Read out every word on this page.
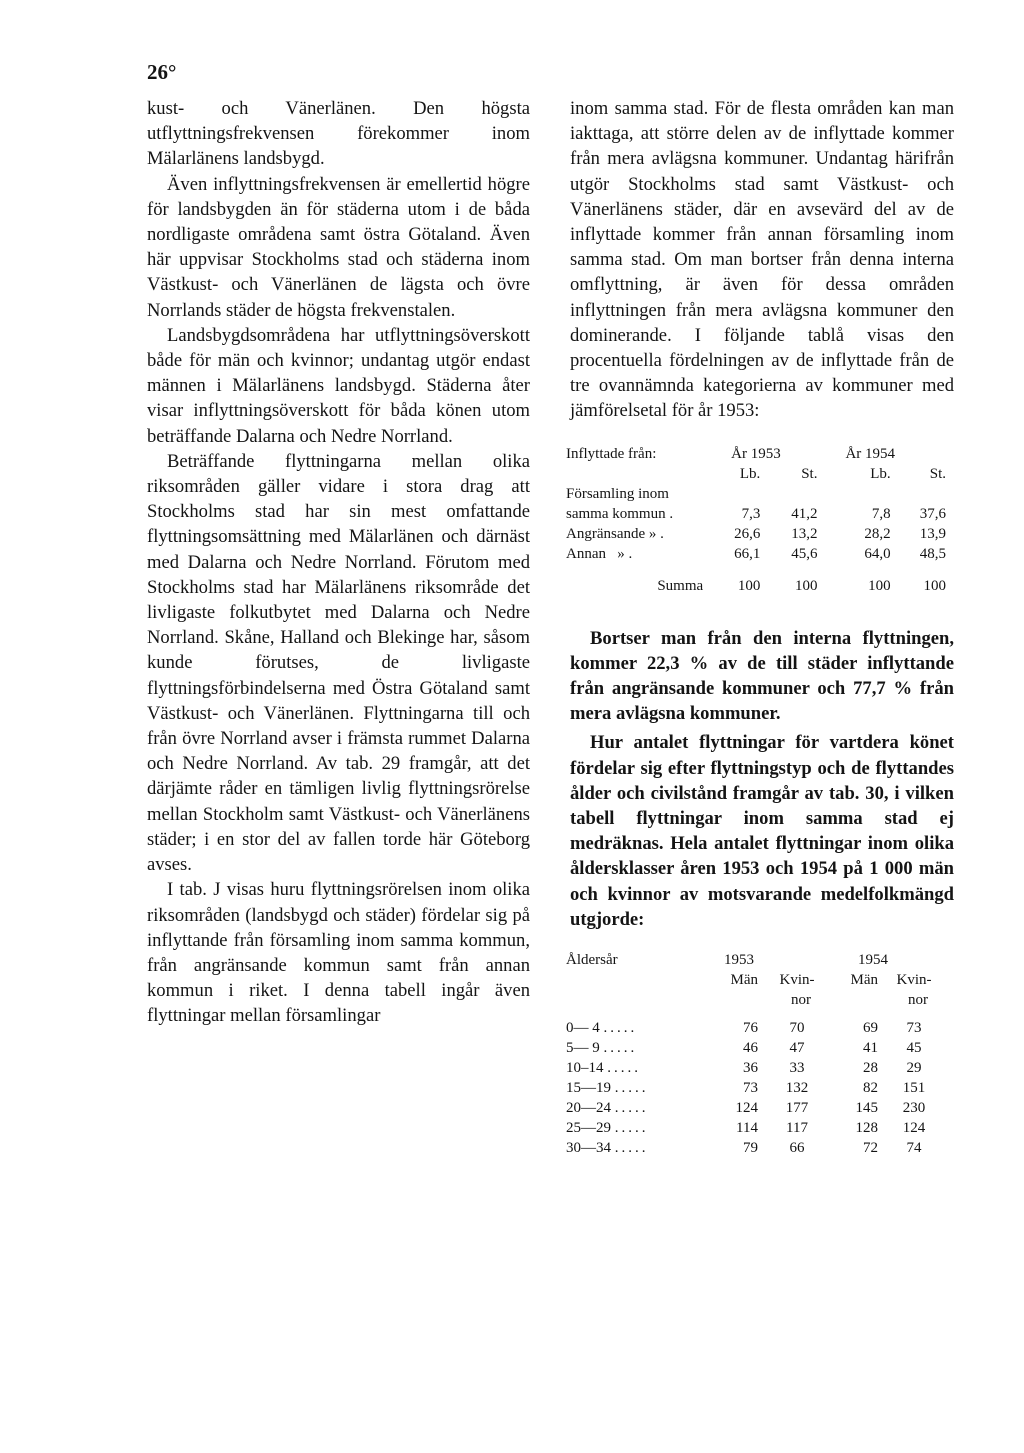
26°

kust- och Vänerlänen. Den högsta utflyttningsfrekvensen förekommer inom Mälarlänens landsbygd.

Även inflyttningsfrekvensen är emellertid högre för landsbygden än för städerna utom i de båda nordligaste områdena samt östra Götaland. Även här uppvisar Stockholms stad och städerna inom Västkust- och Vänerlänen de lägsta och övre Norrlands städer de högsta frekvenstalen.

Landsbygdsområdena har utflyttningsöverskott både för män och kvinnor; undantag utgör endast männen i Mälarlänens landsbygd. Städerna åter visar inflyttningsöverskott för båda könen utom beträffande Dalarna och Nedre Norrland.

Beträffande flyttningarna mellan olika riksområden gäller vidare i stora drag att Stockholms stad har sin mest omfattande flyttningsomsättning med Mälarlänen och därnäst med Dalarna och Nedre Norrland. Förutom med Stockholms stad har Mälarlänens riksområde det livligaste folkutbytet med Dalarna och Nedre Norrland. Skåne, Halland och Blekinge har, såsom kunde förutses, de livligaste flyttningsförbindelserna med Östra Götaland samt Västkust- och Vänerlänen. Flyttningarna till och från övre Norrland avser i främsta rummet Dalarna och Nedre Norrland. Av tab. 29 framgår, att det därjämte råder en tämligen livlig flyttningsrörelse mellan Stockholm samt Västkust- och Vänerlänens städer; i en stor del av fallen torde här Göteborg avses.

I tab. J visas huru flyttningsrörelsen inom olika riksområden (landsbygd och städer) fördelar sig på inflyttande från församling inom samma kommun, från angränsande kommun samt från annan kommun i riket. I denna tabell ingår även flyttningar mellan församlingar

inom samma stad. För de flesta områden kan man iakttaga, att större delen av de inflyttade kommer från mera avlägsna kommuner. Undantag härifrån utgör Stockholms stad samt Västkust- och Vänerlänens städer, där en avsevärd del av de inflyttade kommer från annan församling inom samma stad. Om man bortser från denna interna omflyttning, är även för dessa områden inflyttningen från mera avlägsna kommuner den dominerande. I följande tablå visas den procentuella fördelningen av de inflyttade från de tre ovannämnda kategorierna av kommuner med jämförelsetal för år 1953:

Inflyttade från:	År 1953		År 1954	
	Lb.	St.	Lb.	St.
Församling inom				
samma kommun .	7,3	41,2	7,8	37,6
Angränsande » .	26,6	13,2	28,2	13,9
Annan » .	66,1	45,6	64,0	48,5
Summa	100	100	100	100

Bortser man från den interna flyttningen, kommer 22,3 % av de till städer inflyttande från angränsande kommuner och 77,7 % från mera avlägsna kommuner.

Hur antalet flyttningar för vartdera könet fördelar sig efter flyttningstyp och de flyttandes ålder och civilstånd framgår av tab. 30, i vilken tabell flyttningar inom samma stad ej medräknas. Hela antalet flyttningar inom olika åldersklasser åren 1953 och 1954 på 1 000 män och kvinnor av motsvarande medelfolkmängd utgjorde:

Åldersår	1953		1954	
	Män	Kvin-	Män	Kvin-
		nor		nor
0— 4 .....	76	70	69	73
5— 9 .....	46	47	41	45
10–14 .....	36	33	28	29
15—19 .....	73	132	82	151
20—24 .....	124	177	145	230
25—29 .....	114	117	128	124
30—34 .....	79	66	72	74
